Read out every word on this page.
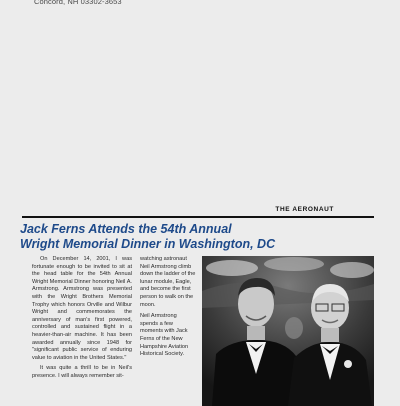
Concord, NH 03302-3653
THE AERONAUT
Jack Ferns Attends the 54th Annual
Wright Memorial Dinner in Washington, DC

On December 14, 2001, I was fortunate enough to be invited to sit at the head table for the 54th Annual Wright Memorial Dinner honoring Neil A. Armstrong. Armstrong was presented with the Wright Brothers Memorial Trophy which honors Orville and Wilbur Wright and commemorates the anniversary of man's first powered, controlled and sustained flight in a heavier-than-air machine. It has been awarded annually since 1948 for "significant public service of enduring value to aviation in the United States."

It was quite a thrill to be in Neil's presence. I will always remember sit-

watching astronaut Neil Armstrong climb down the ladder of the lunar module, Eagle, and become the first person to walk on the moon.

Neil Armstrong spends a few moments with Jack Ferns of the New Hampshire Aviation Historical Society.
